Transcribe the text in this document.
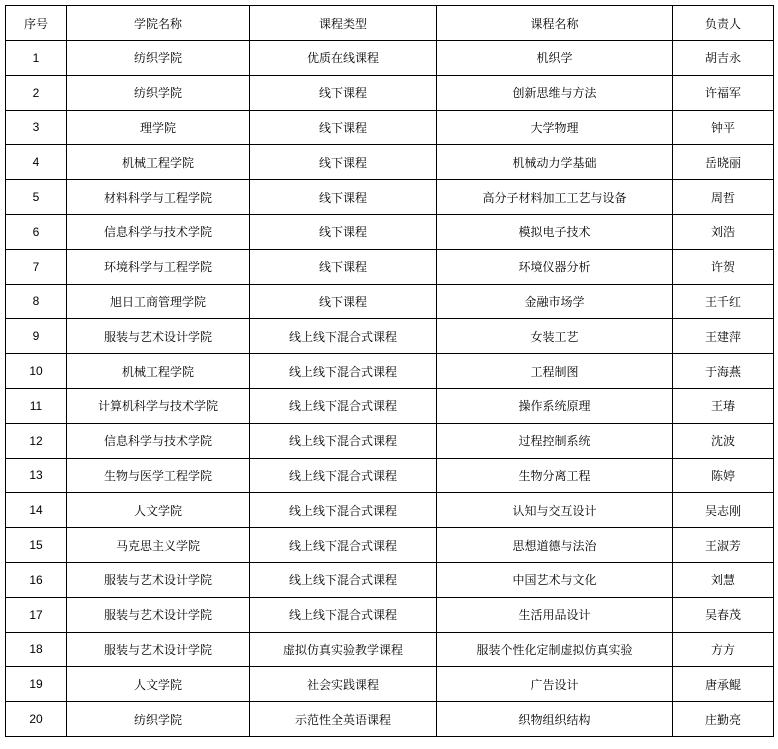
序号	学院名称	课程类型	课程名称	负责人
1	纺织学院	优质在线课程	机织学	胡吉永
2	纺织学院	线下课程	创新思维与方法	许福军
3	理学院	线下课程	大学物理	钟平
4	机械工程学院	线下课程	机械动力学基础	岳晓丽
5	材料科学与工程学院	线下课程	高分子材料加工工艺与设备	周哲
6	信息科学与技术学院	线下课程	模拟电子技术	刘浩
7	环境科学与工程学院	线下课程	环境仪器分析	许贺
8	旭日工商管理学院	线下课程	金融市场学	王千红
9	服装与艺术设计学院	线上线下混合式课程	女装工艺	王建萍
10	机械工程学院	线上线下混合式课程	工程制图	于海燕
11	计算机科学与技术学院	线上线下混合式课程	操作系统原理	王瑃
12	信息科学与技术学院	线上线下混合式课程	过程控制系统	沈波
13	生物与医学工程学院	线上线下混合式课程	生物分离工程	陈婷
14	人文学院	线上线下混合式课程	认知与交互设计	吴志刚
15	马克思主义学院	线上线下混合式课程	思想道德与法治	王淑芳
16	服装与艺术设计学院	线上线下混合式课程	中国艺术与文化	刘慧
17	服装与艺术设计学院	线上线下混合式课程	生活用品设计	吴春茂
18	服装与艺术设计学院	虚拟仿真实验教学课程	服装个性化定制虚拟仿真实验	方方
19	人文学院	社会实践课程	广告设计	唐承鲲
20	纺织学院	示范性全英语课程	织物组织结构	庄勤亮
